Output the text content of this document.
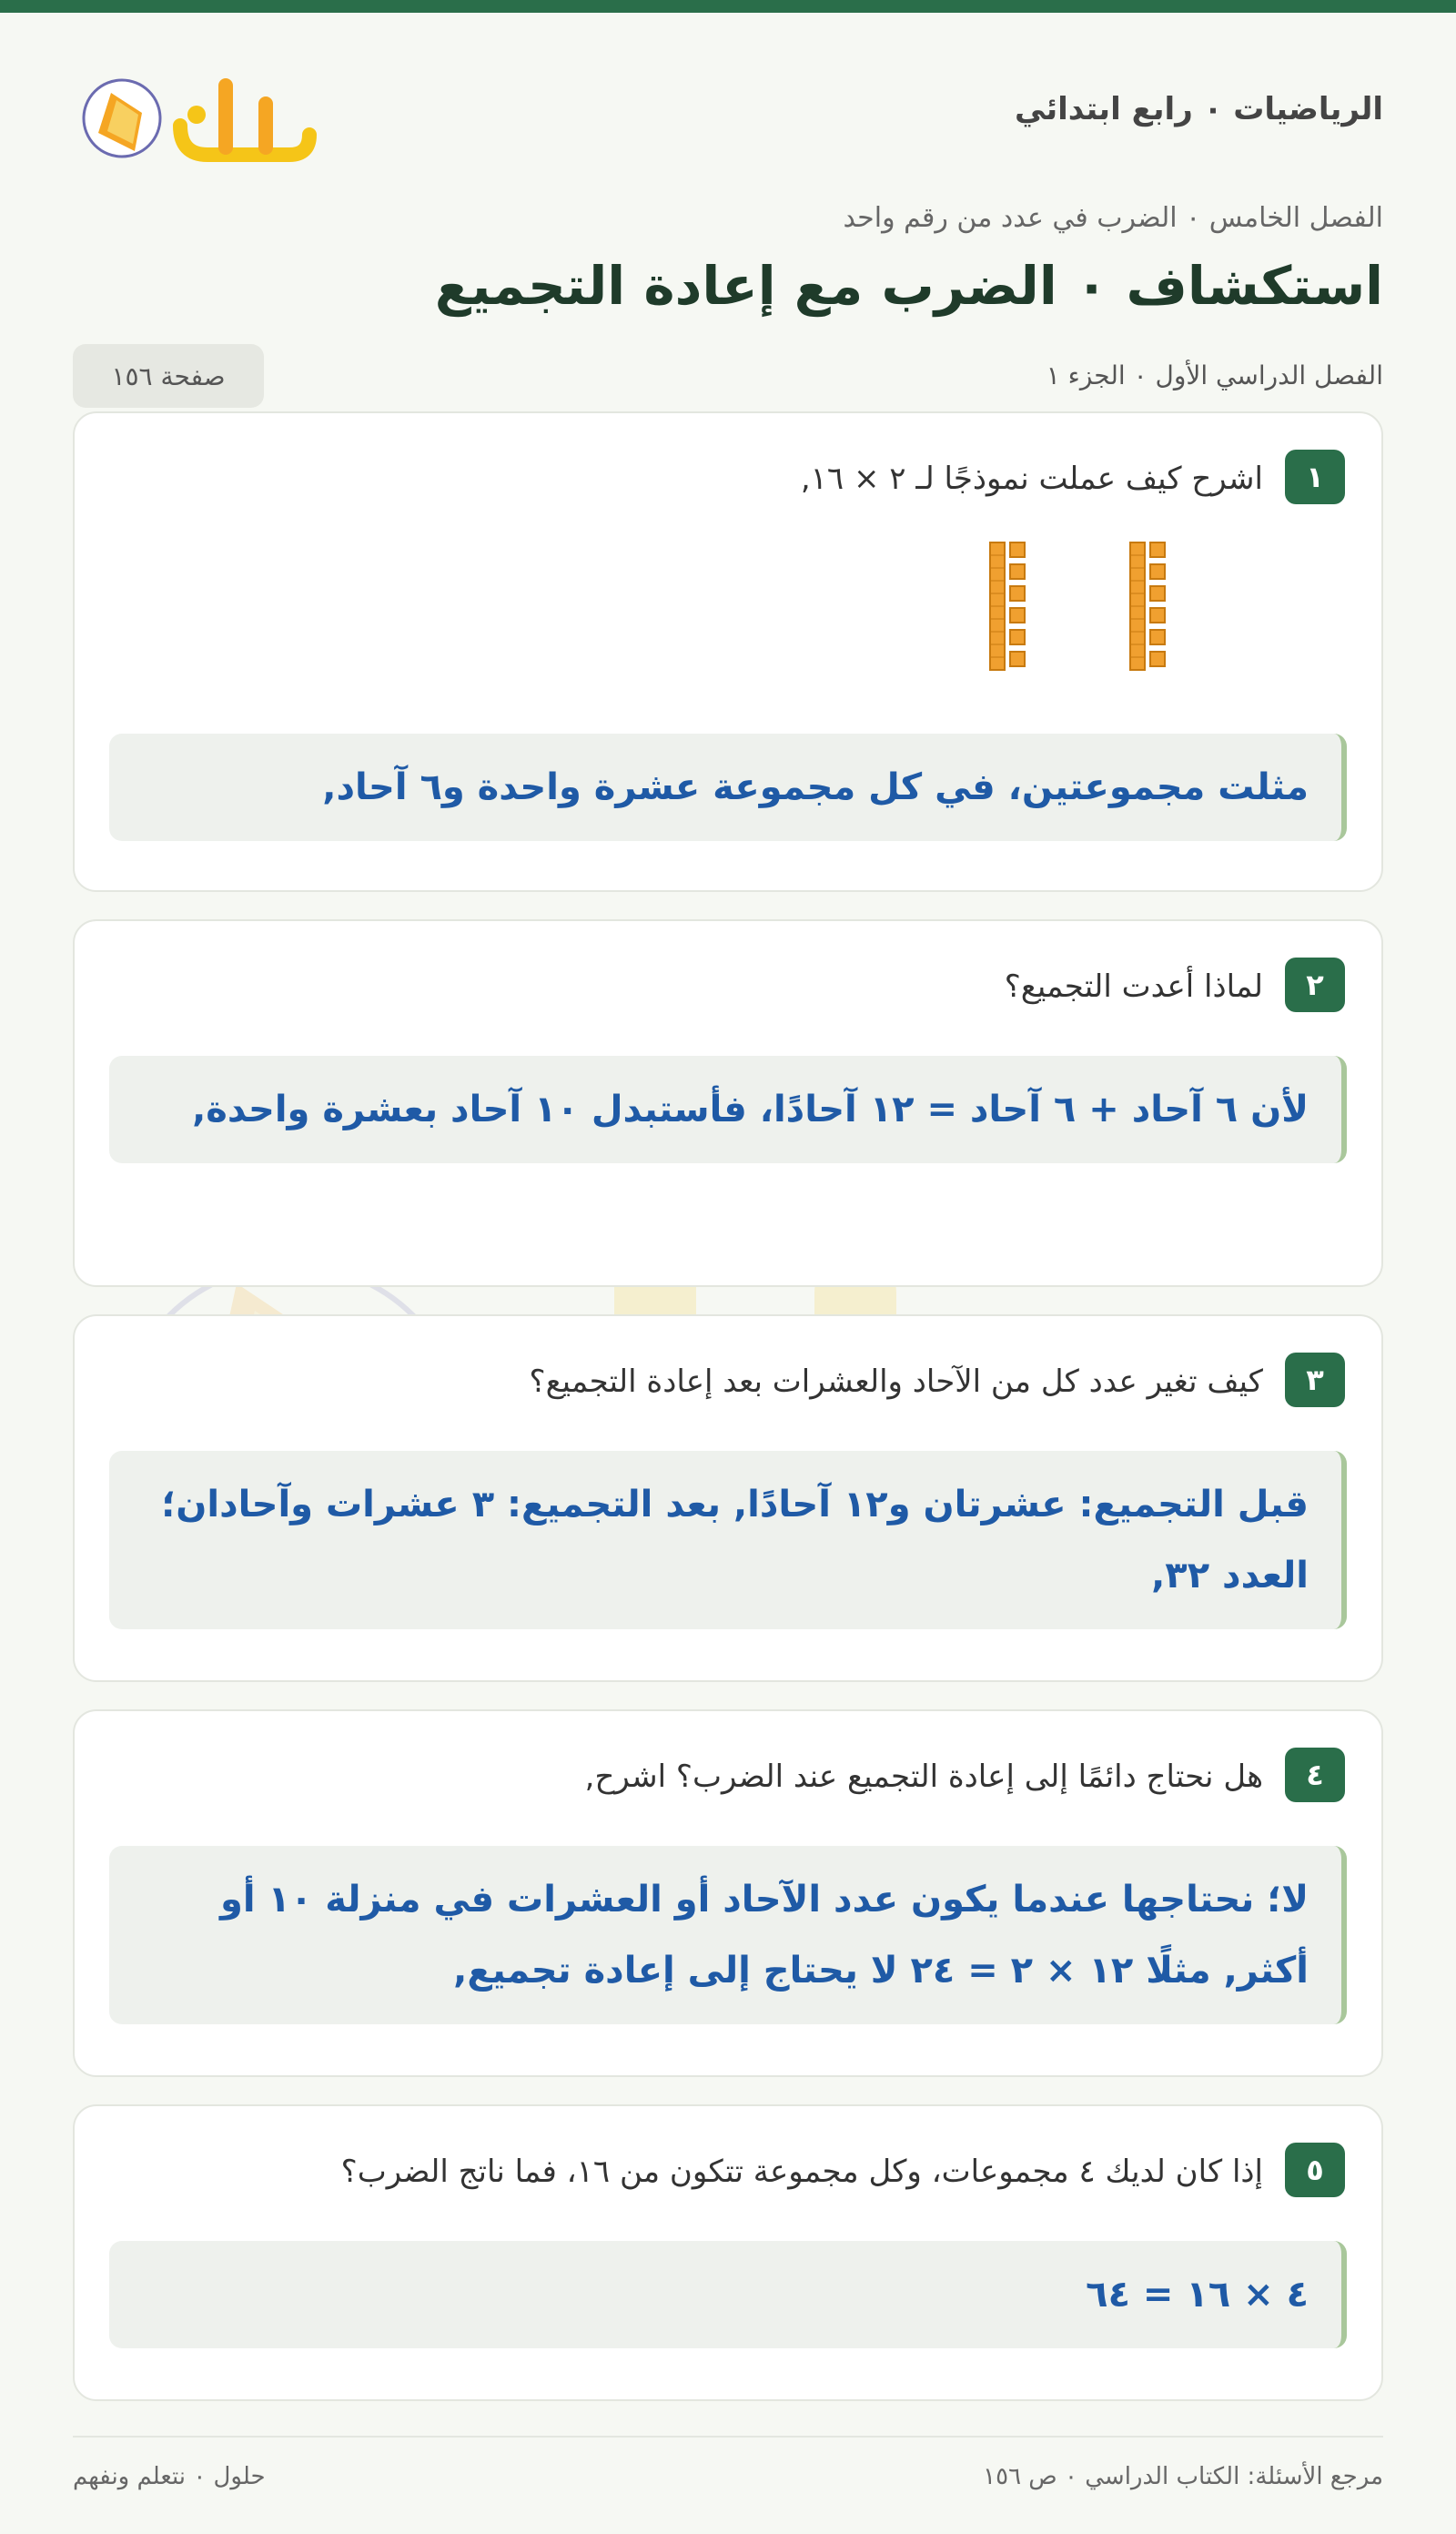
الرياضيات ٠ رابع ابتدائي
الفصل الخامس ٠ الضرب في عدد من رقم واحد
استكشاف ٠ الضرب مع إعادة التجميع
الفصل الدراسي الأول ٠ الجزء ١
صفحة ١٥٦
١
اشرح كيف عملت نموذجًا لـ ٢ × ١٦,
مثلت مجموعتين، في كل مجموعة عشرة واحدة و٦ آحاد,
٢
لماذا أعدت التجميع؟
لأن ٦ آحاد + ٦ آحاد = ١٢ آحادًا، فأستبدل ١٠ آحاد بعشرة واحدة,
٣
كيف تغير عدد كل من الآحاد والعشرات بعد إعادة التجميع؟
قبل التجميع: عشرتان و١٢ آحادًا, بعد التجميع: ٣ عشرات وآحادان؛ العدد ٣٢,
٤
هل نحتاج دائمًا إلى إعادة التجميع عند الضرب؟ اشرح,
لا؛ نحتاجها عندما يكون عدد الآحاد أو العشرات في منزلة ١٠ أو أكثر, مثلًا ١٢ × ٢ = ٢٤ لا يحتاج إلى إعادة تجميع,
٥
إذا كان لديك ٤ مجموعات، وكل مجموعة تتكون من ١٦، فما ناتج الضرب؟
٤ × ١٦ = ٦٤
مرجع الأسئلة: الكتاب الدراسي ٠ ص ١٥٦
حلول ٠ نتعلم ونفهم
